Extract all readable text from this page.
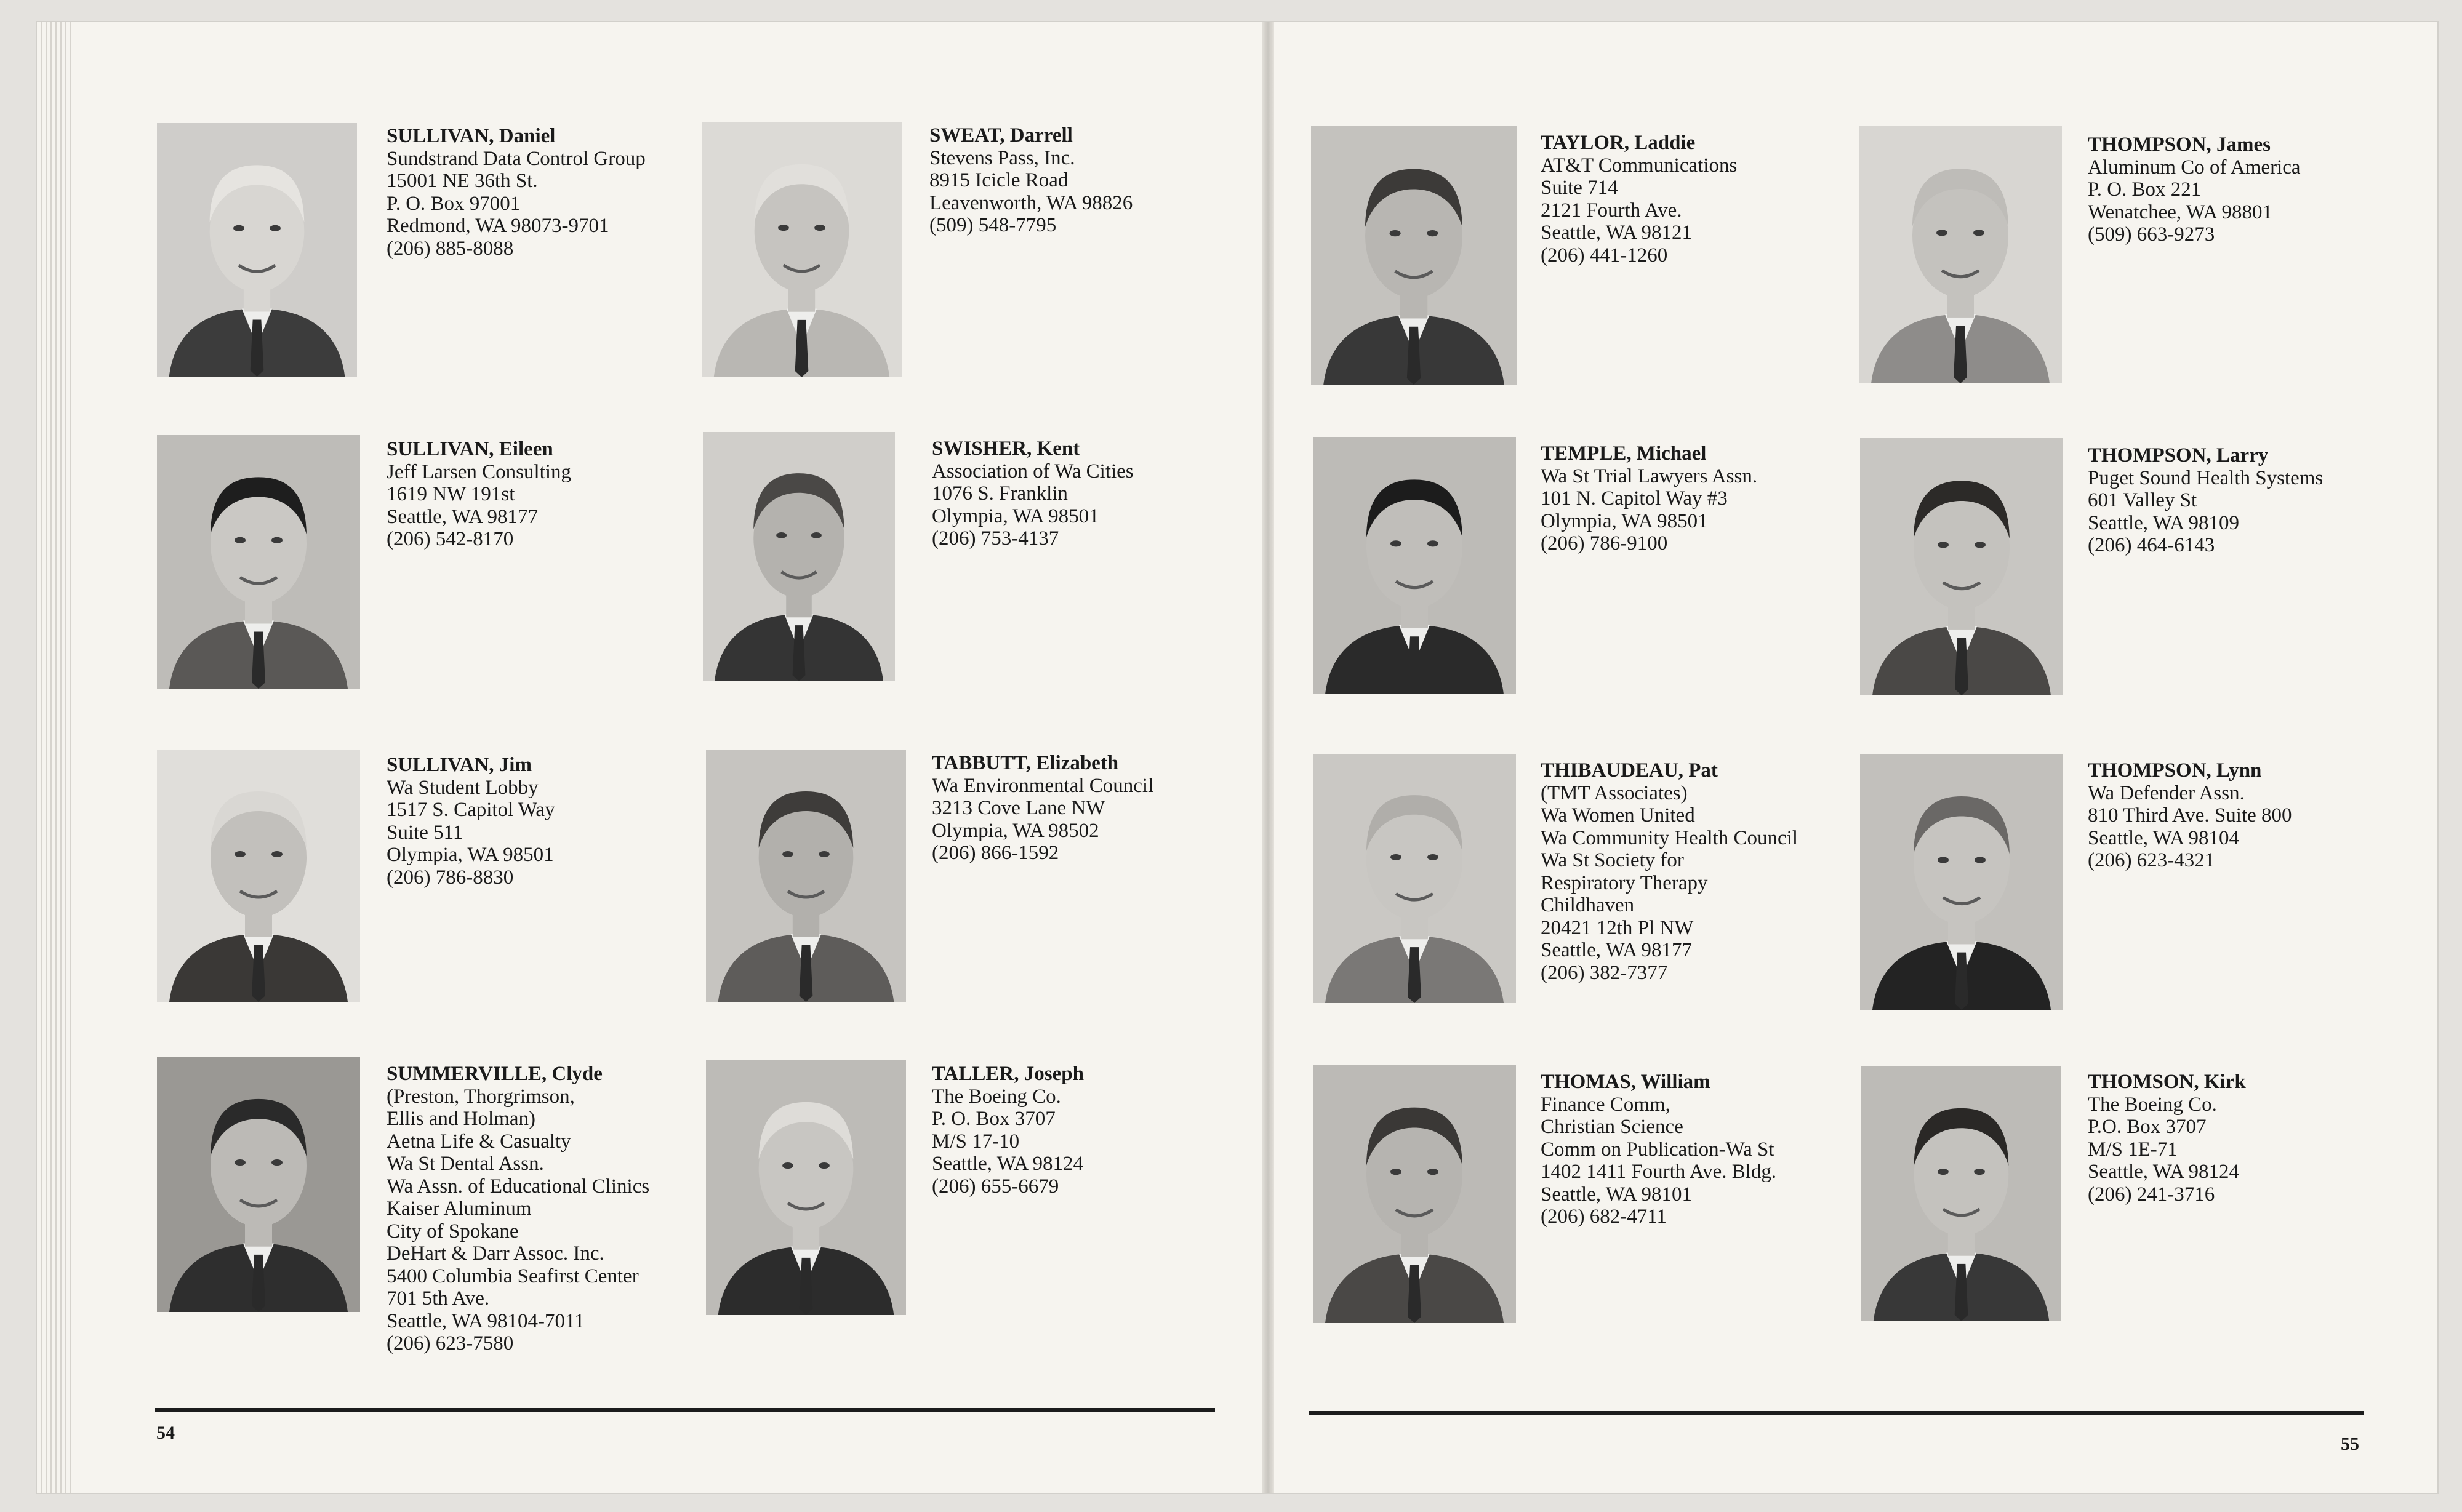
SULLIVAN, Daniel
Sundstrand Data Control Group
15001 NE 36th St.
P. O. Box 97001
Redmond, WA 98073-9701
(206) 885-8088
SWEAT, Darrell
Stevens Pass, Inc.
8915 Icicle Road
Leavenworth, WA 98826
(509) 548-7795
SULLIVAN, Eileen
Jeff Larsen Consulting
1619 NW 191st
Seattle, WA 98177
(206) 542-8170
SWISHER, Kent
Association of Wa Cities
1076 S. Franklin
Olympia, WA 98501
(206) 753-4137
SULLIVAN, Jim
Wa Student Lobby
1517 S. Capitol Way
Suite 511
Olympia, WA 98501
(206) 786-8830
TABBUTT, Elizabeth
Wa Environmental Council
3213 Cove Lane NW
Olympia, WA 98502
(206) 866-1592
SUMMERVILLE, Clyde
(Preston, Thorgrimson,
Ellis and Holman)
Aetna Life & Casualty
Wa St Dental Assn.
Wa Assn. of Educational Clinics
Kaiser Aluminum
City of Spokane
DeHart & Darr Assoc. Inc.
5400 Columbia Seafirst Center
701 5th Ave.
Seattle, WA 98104-7011
(206) 623-7580
TALLER, Joseph
The Boeing Co.
P. O. Box 3707
M/S 17-10
Seattle, WA 98124
(206) 655-6679
TAYLOR, Laddie
AT&T Communications
Suite 714
2121 Fourth Ave.
Seattle, WA 98121
(206) 441-1260
THOMPSON, James
Aluminum Co of America
P. O. Box 221
Wenatchee, WA 98801
(509) 663-9273
TEMPLE, Michael
Wa St Trial Lawyers Assn.
101 N. Capitol Way #3
Olympia, WA 98501
(206) 786-9100
THOMPSON, Larry
Puget Sound Health Systems
601 Valley St
Seattle, WA 98109
(206) 464-6143
THIBAUDEAU, Pat
(TMT Associates)
Wa Women United
Wa Community Health Council
Wa St Society for
Respiratory Therapy
Childhaven
20421 12th Pl NW
Seattle, WA 98177
(206) 382-7377
THOMPSON, Lynn
Wa Defender Assn.
810 Third Ave. Suite 800
Seattle, WA 98104
(206) 623-4321
THOMAS, William
Finance Comm,
Christian Science
Comm on Publication-Wa St
1402 1411 Fourth Ave. Bldg.
Seattle, WA 98101
(206) 682-4711
THOMSON, Kirk
The Boeing Co.
P.O. Box 3707
M/S 1E-71
Seattle, WA 98124
(206) 241-3716
54
55
